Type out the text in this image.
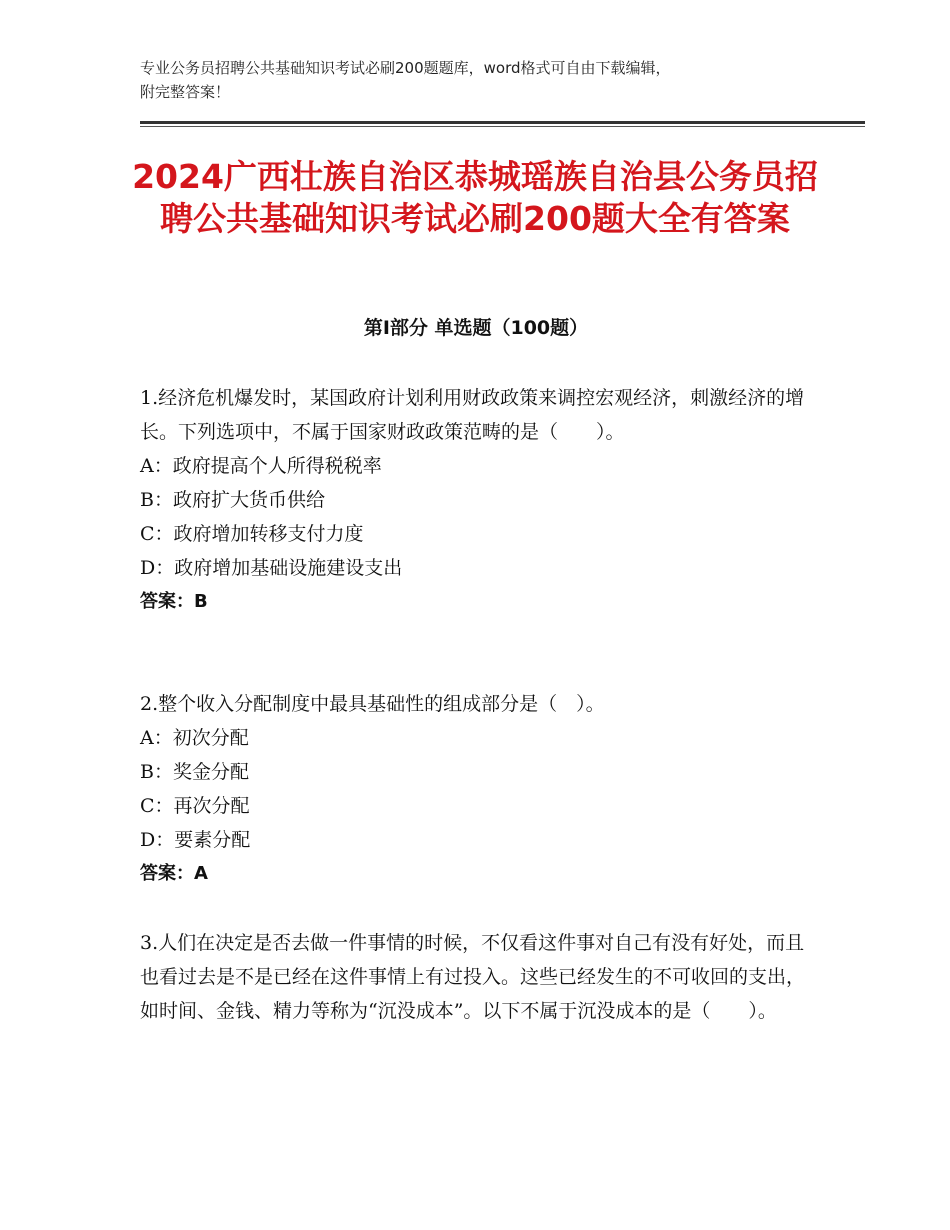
专业公务员招聘公共基础知识考试必刷200题题库，word格式可自由下载编辑，
附完整答案！
2024广西壮族自治区恭城瑶族自治县公务员招聘公共基础知识考试必刷200题大全有答案
第Ⅰ部分 单选题（100题）

1.经济危机爆发时，某国政府计划利用财政政策来调控宏观经济，刺激经济的增长。下列选项中，不属于国家财政政策范畴的是（　　）。

A：政府提高个人所得税税率

B：政府扩大货币供给

C：政府增加转移支付力度

D：政府增加基础设施建设支出

答案：B

2.整个收入分配制度中最具基础性的组成部分是（　）。

A：初次分配

B：奖金分配

C：再次分配

D：要素分配

答案：A

3.人们在决定是否去做一件事情的时候，不仅看这件事对自己有没有好处，而且也看过去是不是已经在这件事情上有过投入。这些已经发生的不可收回的支出，如时间、金钱、精力等称为“沉没成本”。以下不属于沉没成本的是（　　）。
